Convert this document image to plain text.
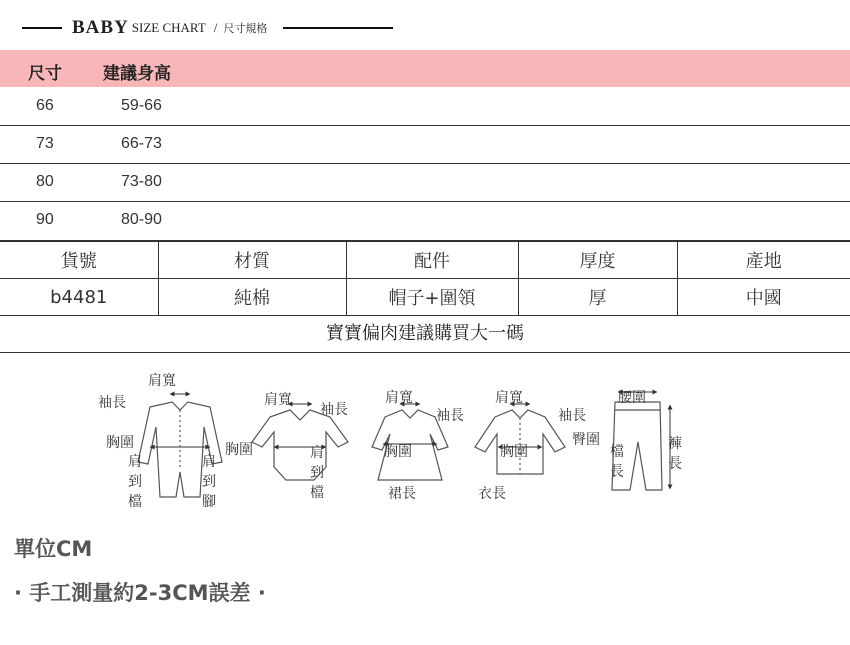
BABY SIZE CHART / 尺寸規格
尺寸 建議身高
66	59-66
73	66-73
80	73-80
90	80-90
貨號	材質	配件	厚度	產地
b4481	純棉	帽子+圍領	厚	中國
寶寶偏肉建議購買大一碼
肩寬
袖長
胸圍
肩
到
檔
肩
到
腳
肩寬
袖長
胸圍	肩
到
檔
肩寬
袖長
胸圍
裙長
肩寬
袖長
胸圍
衣長
腰圍
臀圍
檔
長
褲
長
單位CM
· 手工測量約2-3CM誤差 ·
